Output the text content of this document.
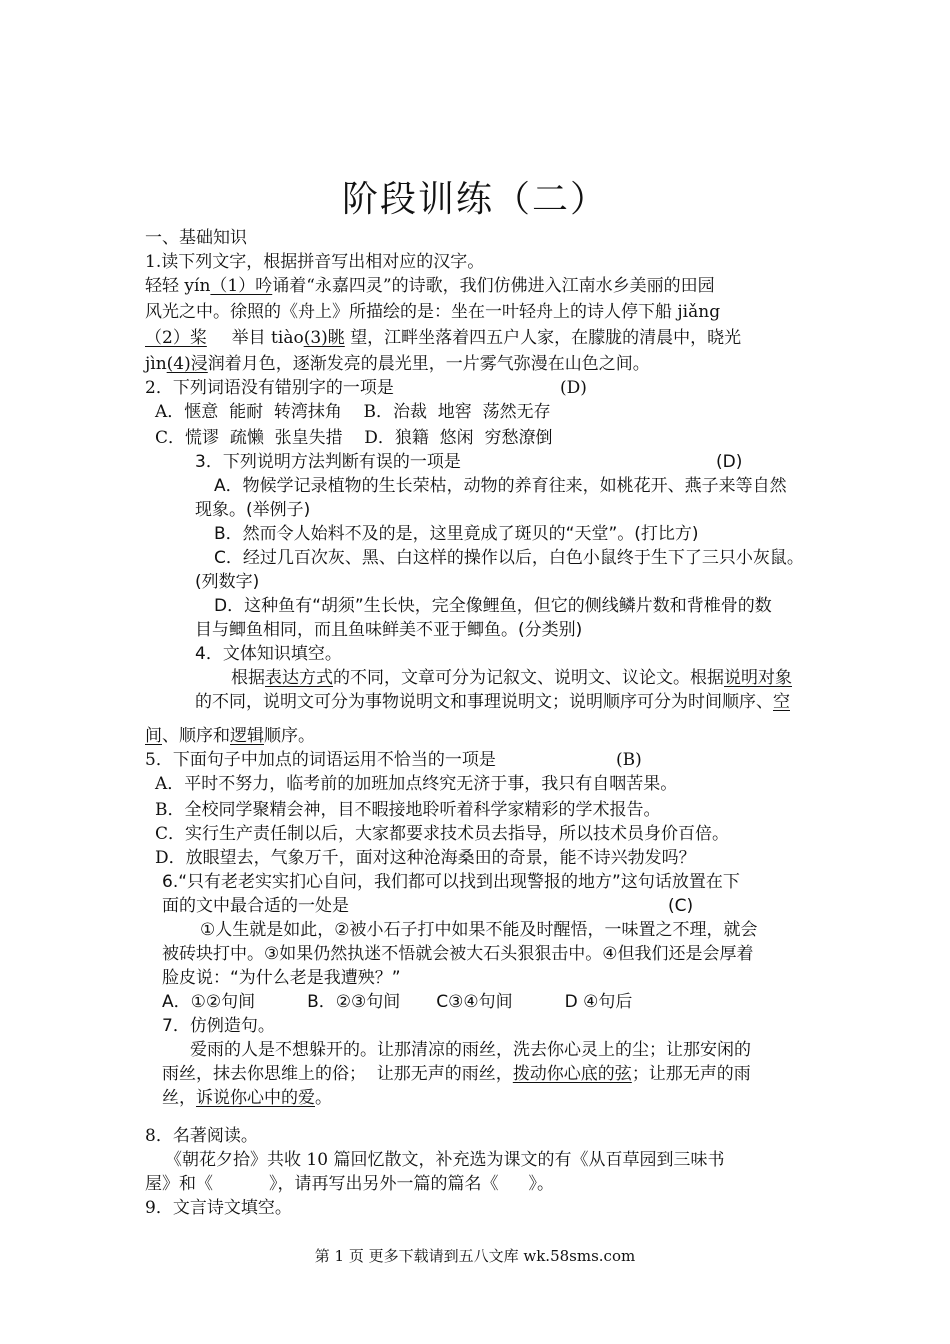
阶段训练（二）
一、基础知识
1.读下列文字，根据拼音写出相对应的汉字。
轻轻 yín（1）吟诵着“永嘉四灵”的诗歌，我们仿佛进入江南水乡美丽的田园
风光之中。徐照的《舟上》所描绘的是：坐在一叶轻舟上的诗人停下船 jiǎng
（2）桨 举目 tiào(3)眺 望，江畔坐落着四五户人家，在朦胧的清晨中，晓光
jìn(4)浸润着月色，逐渐发亮的晨光里，一片雾气弥漫在山色之间。
2．下列词语没有错别字的一项是	(D)
A．惬意  能耐  转湾抹角    B．治裁  地窖  荡然无存
C．慌谬  疏懒  张皇失措    D．狼籍  悠闲  穷愁潦倒
3．下列说明方法判断有误的一项是	(D)
A．物候学记录植物的生长荣枯，动物的养育往来，如桃花开、燕子来等自然
现象。(举例子)
B．然而令人始料不及的是，这里竟成了斑贝的“天堂”。(打比方)
C．经过几百次灰、黑、白这样的操作以后，白色小鼠终于生下了三只小灰鼠。
(列数字)
D．这种鱼有“胡须”生长快，完全像鲤鱼，但它的侧线鳞片数和背椎骨的数
目与鲫鱼相同，而且鱼味鲜美不亚于鲫鱼。(分类别)
4．文体知识填空。
根据表达方式的不同，文章可分为记叙文、说明文、议论文。根据说明对象
的不同，说明文可分为事物说明文和事理说明文；说明顺序可分为时间顺序、空
间、顺序和逻辑顺序。
5．下面句子中加点的词语运用不恰当的一项是	(B)
A．平时不努力，临考前的加班加点终究无济于事，我只有自咽苦果。
B．全校同学聚精会神，目不暇接地聆听着科学家精彩的学术报告。
C．实行生产责任制以后，大家都要求技术员去指导，所以技术员身价百倍。
D．放眼望去，气象万千，面对这种沧海桑田的奇景，能不诗兴勃发吗？
6.“只有老老实实扪心自问，我们都可以找到出现警报的地方”这句话放置在下
面的文中最合适的一处是	(C)
①人生就是如此，②被小石子打中如果不能及时醒悟，一味置之不理，就会
被砖块打中。③如果仍然执迷不悟就会被大石头狠狠击中。④但我们还是会厚着
脸皮说：“为什么老是我遭殃？”
A．①②句间	B．②③句间 C③④句间	D ④句后
7．仿例造句。
爱雨的人是不想躲开的。让那清凉的雨丝，洗去你心灵上的尘；让那安闲的
雨丝，抹去你思维上的俗；  让那无声的雨丝，拨动你心底的弦；让那无声的雨
丝，诉说你心中的爱。
8．名著阅读。
《朝花夕拾》共收 10 篇回忆散文，补充选为课文的有《从百草园到三味书
屋》和《	》，请再写出另外一篇的篇名《 》。
9．文言诗文填空。
第 1 页 更多下载请到五八文库 wk.58sms.com
